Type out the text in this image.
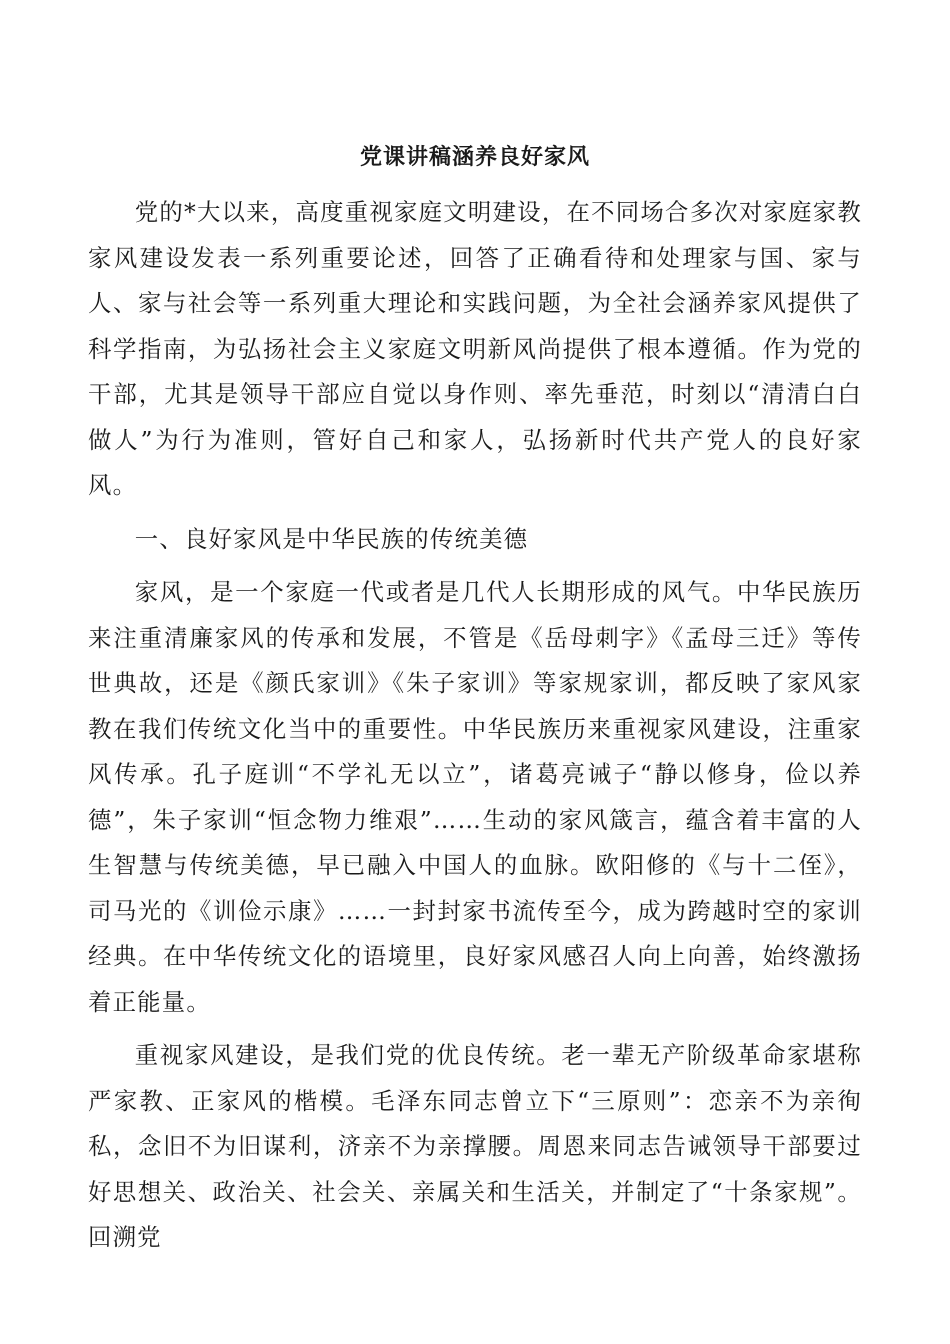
党课讲稿涵养良好家风

党的*大以来，高度重视家庭文明建设，在不同场合多次对家庭家教家风建设发表一系列重要论述，回答了正确看待和处理家与国、家与人、家与社会等一系列重大理论和实践问题，为全社会涵养家风提供了科学指南，为弘扬社会主义家庭文明新风尚提供了根本遵循。作为党的干部，尤其是领导干部应自觉以身作则、率先垂范，时刻以“清清白白做人”为行为准则，管好自己和家人，弘扬新时代共产党人的良好家风。

一、良好家风是中华民族的传统美德

家风，是一个家庭一代或者是几代人长期形成的风气。中华民族历来注重清廉家风的传承和发展，不管是《岳母刺字》《孟母三迁》等传世典故，还是《颜氏家训》《朱子家训》等家规家训，都反映了家风家教在我们传统文化当中的重要性。中华民族历来重视家风建设，注重家风传承。孔子庭训“不学礼无以立”，诸葛亮诫子“静以修身，俭以养德”，朱子家训“恒念物力维艰”……生动的家风箴言，蕴含着丰富的人生智慧与传统美德，早已融入中国人的血脉。欧阳修的《与十二侄》，司马光的《训俭示康》……一封封家书流传至今，成为跨越时空的家训经典。在中华传统文化的语境里，良好家风感召人向上向善，始终激扬着正能量。

重视家风建设，是我们党的优良传统。老一辈无产阶级革命家堪称严家教、正家风的楷模。毛泽东同志曾立下“三原则”：恋亲不为亲徇私，念旧不为旧谋利，济亲不为亲撑腰。周恩来同志告诫领导干部要过好思想关、政治关、社会关、亲属关和生活关，并制定了“十条家规”。回溯党
